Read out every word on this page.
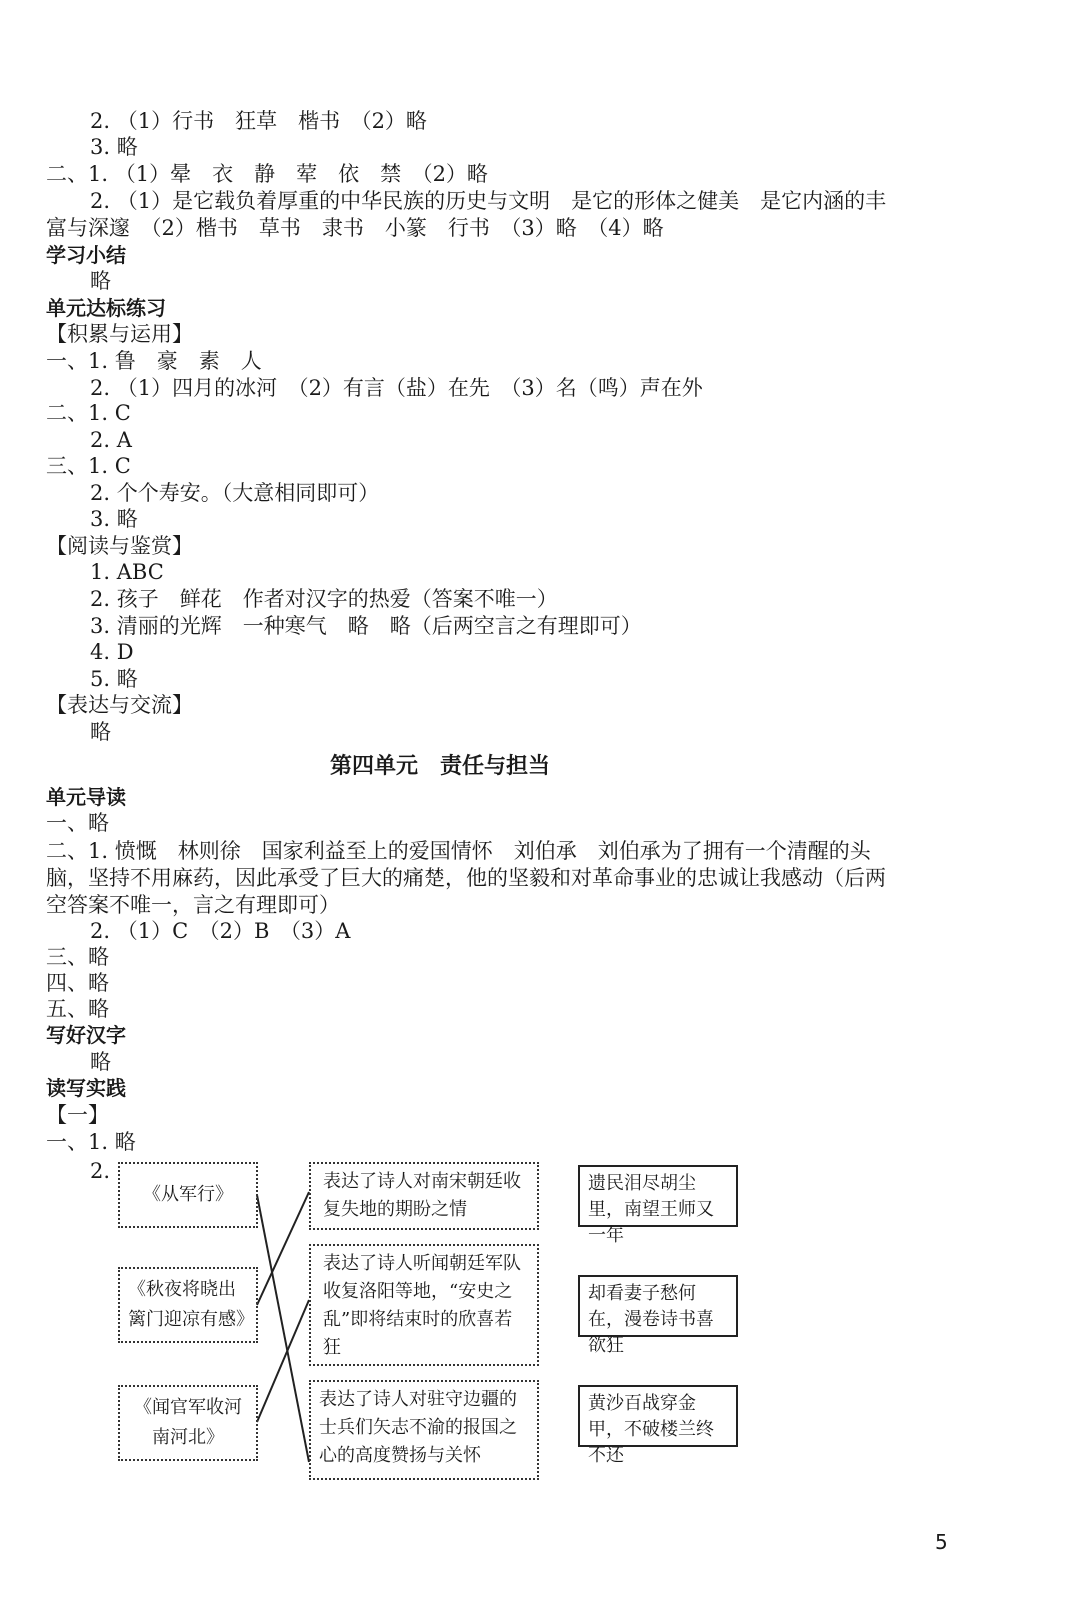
2. （1）行书　狂草　楷书　（2）略
3. 略
二、1. （1）晕　衣　静　荤　依　禁　（2）略
2. （1）是它载负着厚重的中华民族的历史与文明　是它的形体之健美　是它内涵的丰
富与深邃　（2）楷书　草书　隶书　小篆　行书　（3）略　（4）略
学习小结
略
单元达标练习
【积累与运用】
一、1. 鲁　豪　素　人
2. （1）四月的冰河　（2）有言（盐）在先　（3）名（鸣）声在外
二、1. C
2. A
三、1. C
2. 个个寿安。（大意相同即可）
3. 略
【阅读与鉴赏】
1. ABC
2. 孩子　鲜花　作者对汉字的热爱（答案不唯一）
3. 清丽的光辉　一种寒气　略　略（后两空言之有理即可）
4. D
5. 略
【表达与交流】
略
第四单元　责任与担当
单元导读
一、略
二、1. 愤慨　林则徐　国家利益至上的爱国情怀　刘伯承　刘伯承为了拥有一个清醒的头
脑，坚持不用麻药，因此承受了巨大的痛楚，他的坚毅和对革命事业的忠诚让我感动（后两
空答案不唯一，言之有理即可）
2. （1）C　（2）B　（3）A
三、略
四、略
五、略
写好汉字
略
读写实践
【一】
一、1. 略
2.
《从军行》
《秋夜将晓出篱门迎凉有感》
《闻官军收河南河北》
表达了诗人对南宋朝廷收复失地的期盼之情
表达了诗人听闻朝廷军队收复洛阳等地，“安史之乱”即将结束时的欣喜若狂
表达了诗人对驻守边疆的士兵们矢志不渝的报国之心的高度赞扬与关怀
遗民泪尽胡尘里，南望王师又一年
却看妻子愁何在，漫卷诗书喜欲狂
黄沙百战穿金甲，不破楼兰终不还
5
